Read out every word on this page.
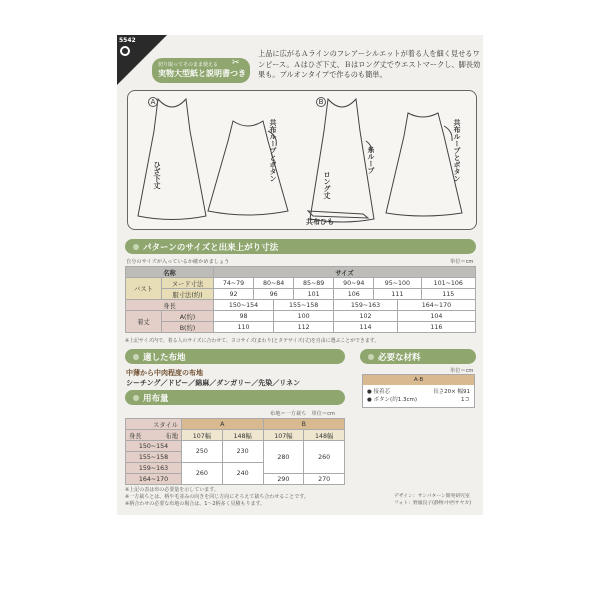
5542
切り取ってそのまま使える
実物大型紙と説明書つき
✂
上品に広がるＡラインのフレアーシルエットが着る人を細く見せるワンピース。Ａはひざ下丈、Ｂはロング丈でウエストマークし、脚長効果も。プルオンタイプで作るのも簡単。
A	B
ひざ下丈	共布ループとボタン	糸ループ
ロング丈
共布ループとボタン
共布ひも
パターンのサイズと出来上がり寸法
自分のサイズが入っているか確かめましょう	単位＝cm
名称		サイズ							
バスト	ヌード寸法	74~79	80~84		85~89	90~94	95~100		101~106
	服寸法(約)	92	96		101	106	111		115
身長		150~154		155~158		159~163		164~170	
着丈	A(約)	98		100		102		104	
	B(約)	110		112		114		116	
※上記サイズ内で、着る人のサイズに合わせて、ヨコサイズ(まわり)とタテサイズ(丈)を自由に選ぶことができます。
適した布地
中薄から中肉程度の布地
シーチング／ドビー／綿麻／ダンガリー／先染／リネン
用布量
布地＝一方裁ち　単位＝cm
スタイル	A		B	
身長 布地	107幅	148幅	107幅	148幅
150~154	250	230	280	260
155~158				
159~163	260	240		
164~170			290	270
※上記の表は布の必要量を示しています。
※一方裁ちとは、柄や毛並みの向きを同じ方向にそろえて裁ち合わせることです。
※柄合わせの必要な布地の場合は、1～2柄多く見積もります。
必要な材料
単位＝cm
A·B
● 接着芯	長さ20× 幅91
● ボタン(約1.3cm)	1コ
デザイン：サンパターン開発研究室
フォト：野頭良子(静物:中西サヤカ)
